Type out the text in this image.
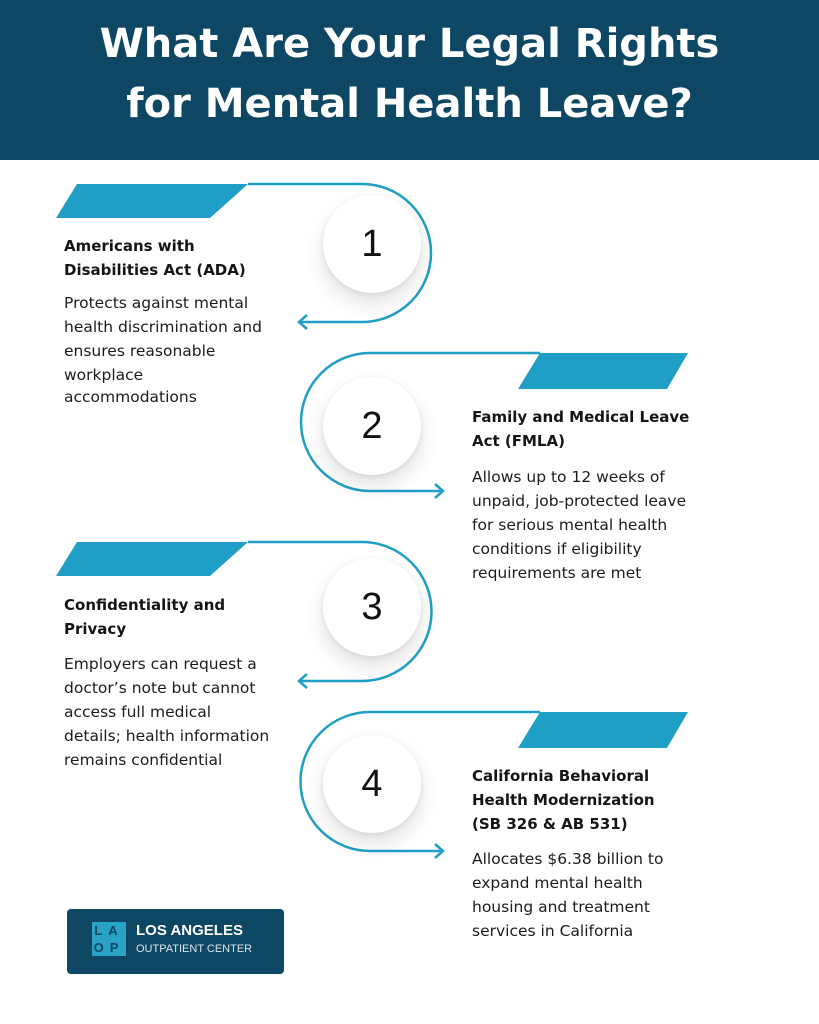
What Are Your Legal Rights
for Mental Health Leave?
1
2
3
4

Americans with

Disabilities Act (ADA)

Protects against mental

health discrimination and

ensures reasonable

workplace

accommodations

Family and Medical Leave

Act (FMLA)

Allows up to 12 weeks of

unpaid, job-protected leave

for serious mental health

conditions if eligibility

requirements are met

Confidentiality and

Privacy

Employers can request a

doctor’s note but cannot

access full medical

details; health information

remains confidential

California Behavioral

Health Modernization

(SB 326 & AB 531)

Allocates $6.38 billion to

expand mental health

housing and treatment

services in California

LA
OP
LOS ANGELES
OUTPATIENT CENTER
